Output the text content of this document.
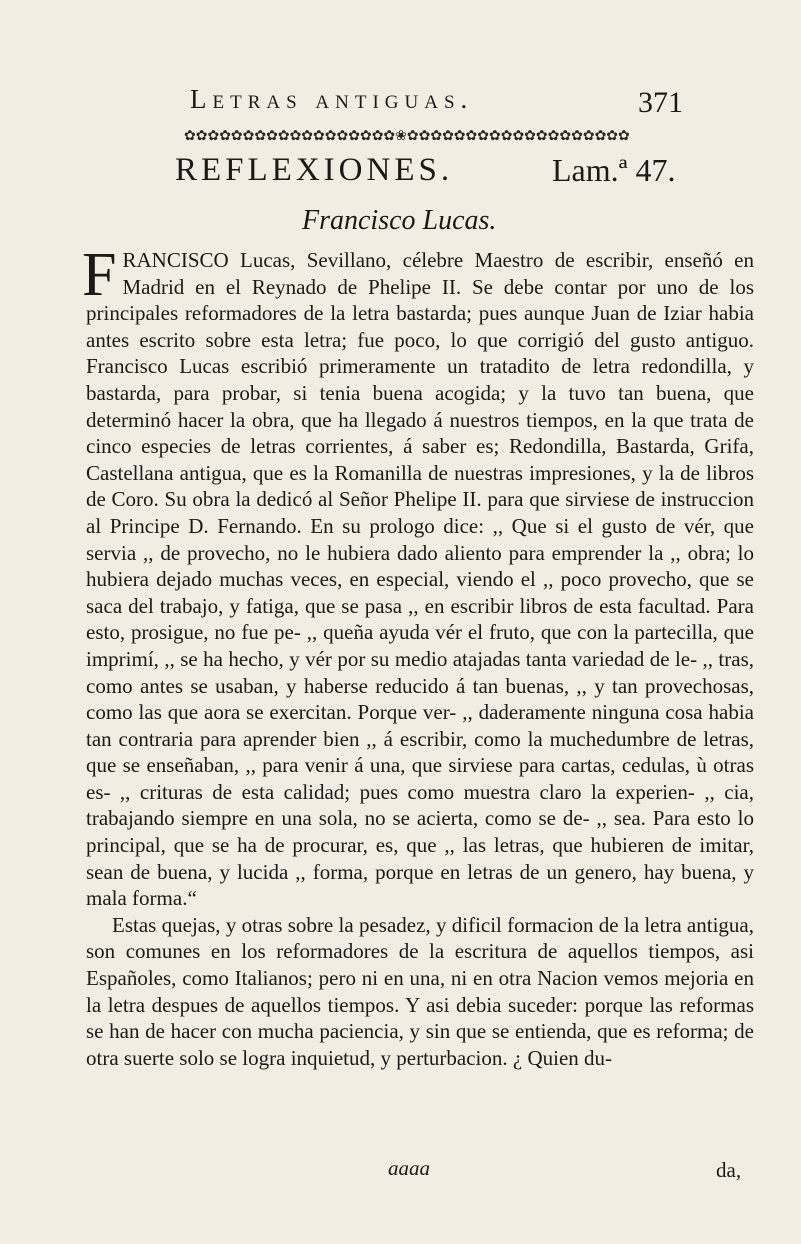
Letras antiguas.	371
✿✿✿✿✿✿✿✿✿✿✿✿✿✿✿✿✿✿❀✿✿✿✿✿✿✿✿✿✿✿✿✿✿✿✿✿✿✿
REFLEXIONES.	Lam.ª 47.
Francisco Lucas.

FRANCISCO Lucas, Sevillano, célebre Maestro de escribir, enseñó en Madrid en el Reynado de Phelipe II. Se debe contar por uno de los principales reformadores de la letra bastarda; pues aunque Juan de Iziar habia antes escrito sobre esta letra; fue poco, lo que corrigió del gusto antiguo. Francisco Lucas escribió primeramente un tratadito de letra redondilla, y bastarda, para probar, si tenia buena acogida; y la tuvo tan buena, que determinó hacer la obra, que ha llegado á nuestros tiempos, en la que trata de cinco especies de letras corrientes, á saber es; Redondilla, Bastarda, Grifa, Castellana antigua, que es la Romanilla de nuestras impresiones, y la de libros de Coro. Su obra la dedicó al Señor Phelipe II. para que sirviese de instruccion al Principe D. Fernando. En su prologo dice: ,, Que si el gusto de vér, que servia ,, de provecho, no le hubiera dado aliento para emprender la ,, obra; lo hubiera dejado muchas veces, en especial, viendo el ,, poco provecho, que se saca del trabajo, y fatiga, que se pasa ,, en escribir libros de esta facultad. Para esto, prosigue, no fue pe- ,, queña ayuda vér el fruto, que con la partecilla, que imprimí, ,, se ha hecho, y vér por su medio atajadas tanta variedad de le- ,, tras, como antes se usaban, y haberse reducido á tan buenas, ,, y tan provechosas, como las que aora se exercitan. Porque ver- ,, daderamente ninguna cosa habia tan contraria para aprender bien ,, á escribir, como la muchedumbre de letras, que se enseñaban, ,, para venir á una, que sirviese para cartas, cedulas, ù otras es- ,, crituras de esta calidad; pues como muestra claro la experien- ,, cia, trabajando siempre en una sola, no se acierta, como se de- ,, sea. Para esto lo principal, que se ha de procurar, es, que ,, las letras, que hubieren de imitar, sean de buena, y lucida ,, forma, porque en letras de un genero, hay buena, y mala forma.“

Estas quejas, y otras sobre la pesadez, y dificil formacion de la letra antigua, son comunes en los reformadores de la escritura de aquellos tiempos, asi Españoles, como Italianos; pero ni en una, ni en otra Nacion vemos mejoria en la letra despues de aquellos tiempos. Y asi debia suceder: porque las reformas se han de hacer con mucha paciencia, y sin que se entienda, que es reforma; de otra suerte solo se logra inquietud, y perturbacion. ¿ Quien du-

aaaa	da,
